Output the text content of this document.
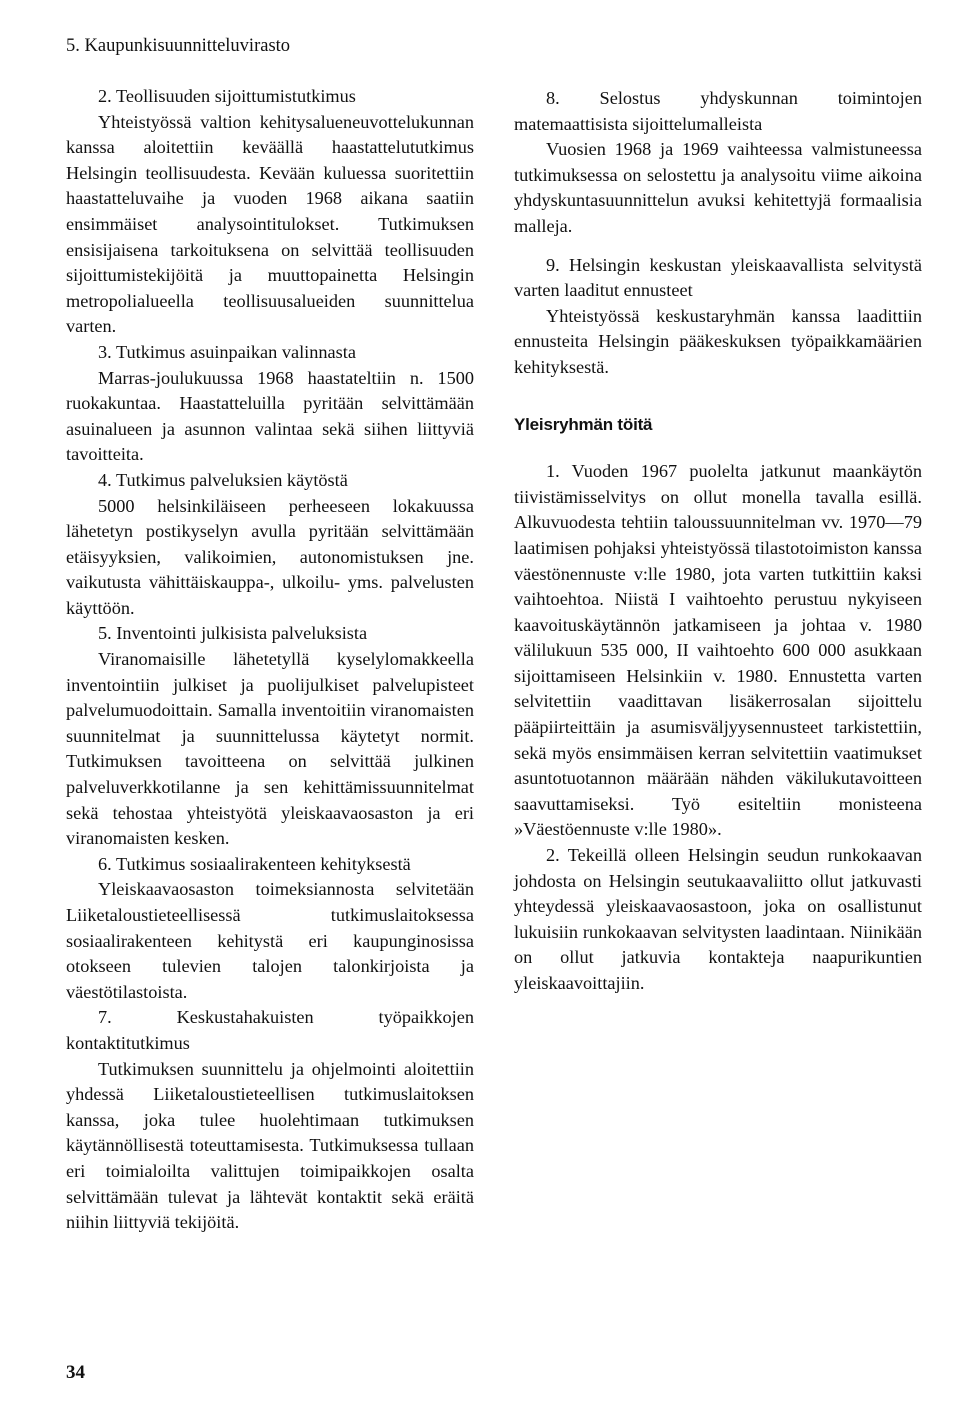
5. Kaupunkisuunnitteluvirasto

2. Teollisuuden sijoittumistutkimus

Yhteistyössä valtion kehitysalueneuvottelukunnan kanssa aloitettiin keväällä haastattelututkimus Helsingin teollisuudesta. Kevään kuluessa suoritettiin haastatteluvaihe ja vuoden 1968 aikana saatiin ensimmäiset analysointitulokset. Tutkimuksen ensisijaisena tarkoituksena on selvittää teollisuuden sijoittumistekijöitä ja muuttopainetta Helsingin metropolialueella teollisuusalueiden suunnittelua varten.

3. Tutkimus asuinpaikan valinnasta

Marras-joulukuussa 1968 haastateltiin n. 1500 ruokakuntaa. Haastatteluilla pyritään selvittämään asuinalueen ja asunnon valintaa sekä siihen liittyviä tavoitteita.

4. Tutkimus palveluksien käytöstä

5000 helsinkiläiseen perheeseen lokakuussa lähetetyn postikyselyn avulla pyritään selvittämään etäisyyksien, valikoimien, autonomistuksen jne. vaikutusta vähittäiskauppa-, ulkoilu- yms. palvelusten käyttöön.

5. Inventointi julkisista palveluksista

Viranomaisille lähetetyllä kyselylomakkeella inventointiin julkiset ja puolijulkiset palvelupisteet palvelumuodoittain. Samalla inventoitiin viranomaisten suunnitelmat ja suunnittelussa käytetyt normit. Tutkimuksen tavoitteena on selvittää julkinen palveluverkkotilanne ja sen kehittämissuunnitelmat sekä tehostaa yhteistyötä yleiskaavaosaston ja eri viranomaisten kesken.

6. Tutkimus sosiaalirakenteen kehityksestä

Yleiskaavaosaston toimeksiannosta selvitetään Liiketaloustieteellisessä tutkimuslaitoksessa sosiaalirakenteen kehitystä eri kaupunginosissa otokseen tulevien talojen talonkirjoista ja väestötilastoista.

7. Keskustahakuisten työpaikkojen kontaktitutkimus

Tutkimuksen suunnittelu ja ohjelmointi aloitettiin yhdessä Liiketaloustieteellisen tutkimuslaitoksen kanssa, joka tulee huolehtimaan tutkimuksen käytännöllisestä toteuttamisesta. Tutkimuksessa tullaan eri toimialoilta valittujen toimipaikkojen osalta selvittämään tulevat ja lähtevät kontaktit sekä eräitä niihin liittyviä tekijöitä.

8. Selostus yhdyskunnan toimintojen matemaattisista sijoittelumalleista

Vuosien 1968 ja 1969 vaihteessa valmistuneessa tutkimuksessa on selostettu ja analysoitu viime aikoina yhdyskuntasuunnittelun avuksi kehitettyjä formaalisia malleja.

9. Helsingin keskustan yleiskaavallista selvitystä varten laaditut ennusteet

Yhteistyössä keskustaryhmän kanssa laadittiin ennusteita Helsingin pääkeskuksen työpaikkamäärien kehityksestä.

Yleisryhmän töitä

1. Vuoden 1967 puolelta jatkunut maankäytön tiivistämisselvitys on ollut monella tavalla esillä. Alkuvuodesta tehtiin taloussuunnitelman vv. 1970—79 laatimisen pohjaksi yhteistyössä tilastotoimiston kanssa väestönennuste v:lle 1980, jota varten tutkittiin kaksi vaihtoehtoa. Niistä I vaihtoehto perustuu nykyiseen kaavoituskäytännön jatkamiseen ja johtaa v. 1980 välilukuun 535 000, II vaihtoehto 600 000 asukkaan sijoittamiseen Helsinkiin v. 1980. Ennustetta varten selvitettiin vaadittavan lisäkerrosalan sijoittelu pääpiirteittäin ja asumisväljyysennusteet tarkistettiin, sekä myös ensimmäisen kerran selvitettiin vaatimukset asuntotuotannon määrään nähden väkilukutavoitteen saavuttamiseksi. Työ esiteltiin monisteena »Väestöennuste v:lle 1980».

2. Tekeillä olleen Helsingin seudun runkokaavan johdosta on Helsingin seutukaavaliitto ollut jatkuvasti yhteydessä yleiskaavaosastoon, joka on osallistunut lukuisiin runkokaavan selvitysten laadintaan. Niinikään on ollut jatkuvia kontakteja naapurikuntien yleiskaavoittajiin.

34
